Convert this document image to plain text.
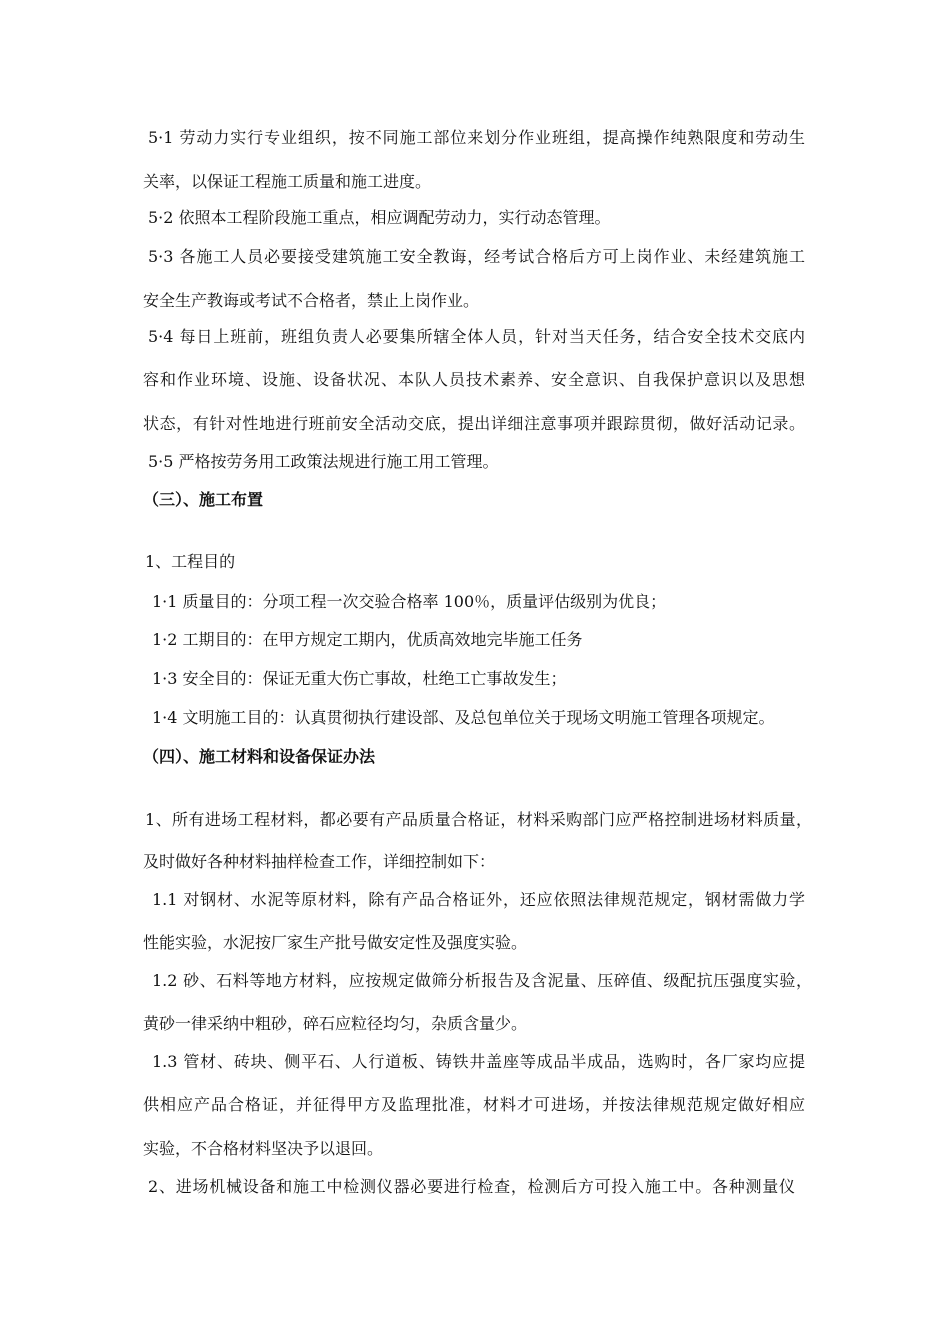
5·1 劳动力实行专业组织，按不同施工部位来划分作业班组，提高操作纯熟限度和劳动生
关率，以保证工程施工质量和施工进度。
5·2 依照本工程阶段施工重点，相应调配劳动力，实行动态管理。
5·3 各施工人员必要接受建筑施工安全教诲，经考试合格后方可上岗作业、未经建筑施工
安全生产教诲或考试不合格者，禁止上岗作业。
5·4 每日上班前，班组负责人必要集所辖全体人员，针对当天任务，结合安全技术交底内
容和作业环境、设施、设备状况、本队人员技术素养、安全意识、自我保护意识以及思想
状态，有针对性地进行班前安全活动交底，提出详细注意事项并跟踪贯彻，做好活动记录。
5·5 严格按劳务用工政策法规进行施工用工管理。
（三）、施工布置
1、工程目的
1·1 质量目的：分项工程一次交验合格率 100％，质量评估级别为优良；
1·2 工期目的：在甲方规定工期内，优质高效地完毕施工任务
1·3 安全目的：保证无重大伤亡事故，杜绝工亡事故发生；
1·4 文明施工目的：认真贯彻执行建设部、及总包单位关于现场文明施工管理各项规定。
（四）、施工材料和设备保证办法
1、所有进场工程材料，都必要有产品质量合格证，材料采购部门应严格控制进场材料质量，
及时做好各种材料抽样检查工作，详细控制如下：
1.1 对钢材、水泥等原材料，除有产品合格证外，还应依照法律规范规定，钢材需做力学
性能实验，水泥按厂家生产批号做安定性及强度实验。
1.2 砂、石料等地方材料，应按规定做筛分析报告及含泥量、压碎值、级配抗压强度实验，
黄砂一律采纳中粗砂，碎石应粒径均匀，杂质含量少。
1.3 管材、砖块、侧平石、人行道板、铸铁井盖座等成品半成品，选购时，各厂家均应提
供相应产品合格证，并征得甲方及监理批准，材料才可进场，并按法律规范规定做好相应
实验，不合格材料坚决予以退回。
2、进场机械设备和施工中检测仪器必要进行检查，检测后方可投入施工中。各种测量仪
